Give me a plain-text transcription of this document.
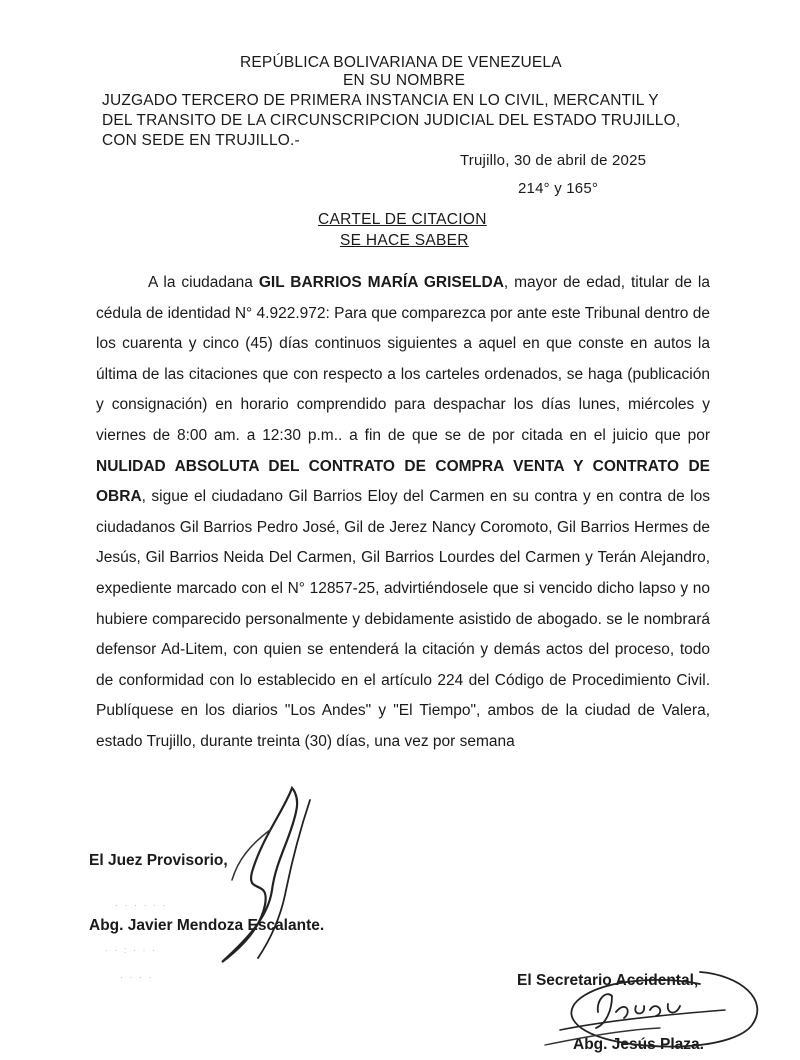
REPÚBLICA BOLIVARIANA DE VENEZUELA
EN SU NOMBRE
JUZGADO TERCERO DE PRIMERA INSTANCIA EN LO CIVIL, MERCANTIL Y
DEL TRANSITO DE LA CIRCUNSCRIPCION JUDICIAL DEL ESTADO TRUJILLO,
CON SEDE EN TRUJILLO.-
Trujillo, 30 de abril de 2025
214° y 165°
CARTEL DE CITACION
SE HACE SABER

A la ciudadana GIL BARRIOS MARÍA GRISELDA, mayor de edad, titular de la cédula de identidad N° 4.922.972: Para que comparezca por ante este Tribunal dentro de los cuarenta y cinco (45) días continuos siguientes a aquel en que conste en autos la última de las citaciones que con respecto a los carteles ordenados, se haga (publicación y consignación) en horario comprendido para despachar los días lunes, miércoles y viernes de 8:00 am. a 12:30 p.m.. a fin de que se de por citada en el juicio que por NULIDAD ABSOLUTA DEL CONTRATO DE COMPRA VENTA Y CONTRATO DE OBRA, sigue el ciudadano Gil Barrios Eloy del Carmen en su contra y en contra de los ciudadanos Gil Barrios Pedro José, Gil de Jerez Nancy Coromoto, Gil Barrios Hermes de Jesús, Gil Barrios Neida Del Carmen, Gil Barrios Lourdes del Carmen y Terán Alejandro, expediente marcado con el N° 12857-25, advirtiéndosele que si vencido dicho lapso y no hubiere comparecido personalmente y debidamente asistido de abogado. se le nombrará defensor Ad-Litem, con quien se entenderá la citación y demás actos del proceso, todo de conformidad con lo establecido en el artículo 224 del Código de Procedimiento Civil. Publíquese en los diarios "Los Andes" y "El Tiempo", ambos de la ciudad de Valera, estado Trujillo, durante treinta (30) días, una vez por semana

· · · · · ·
· · : · · ·
· · · ·
El Juez Provisorio,
Abg. Javier Mendoza Escalante.
El Secretario Accidental,
Abg. Jesús Plaza.
